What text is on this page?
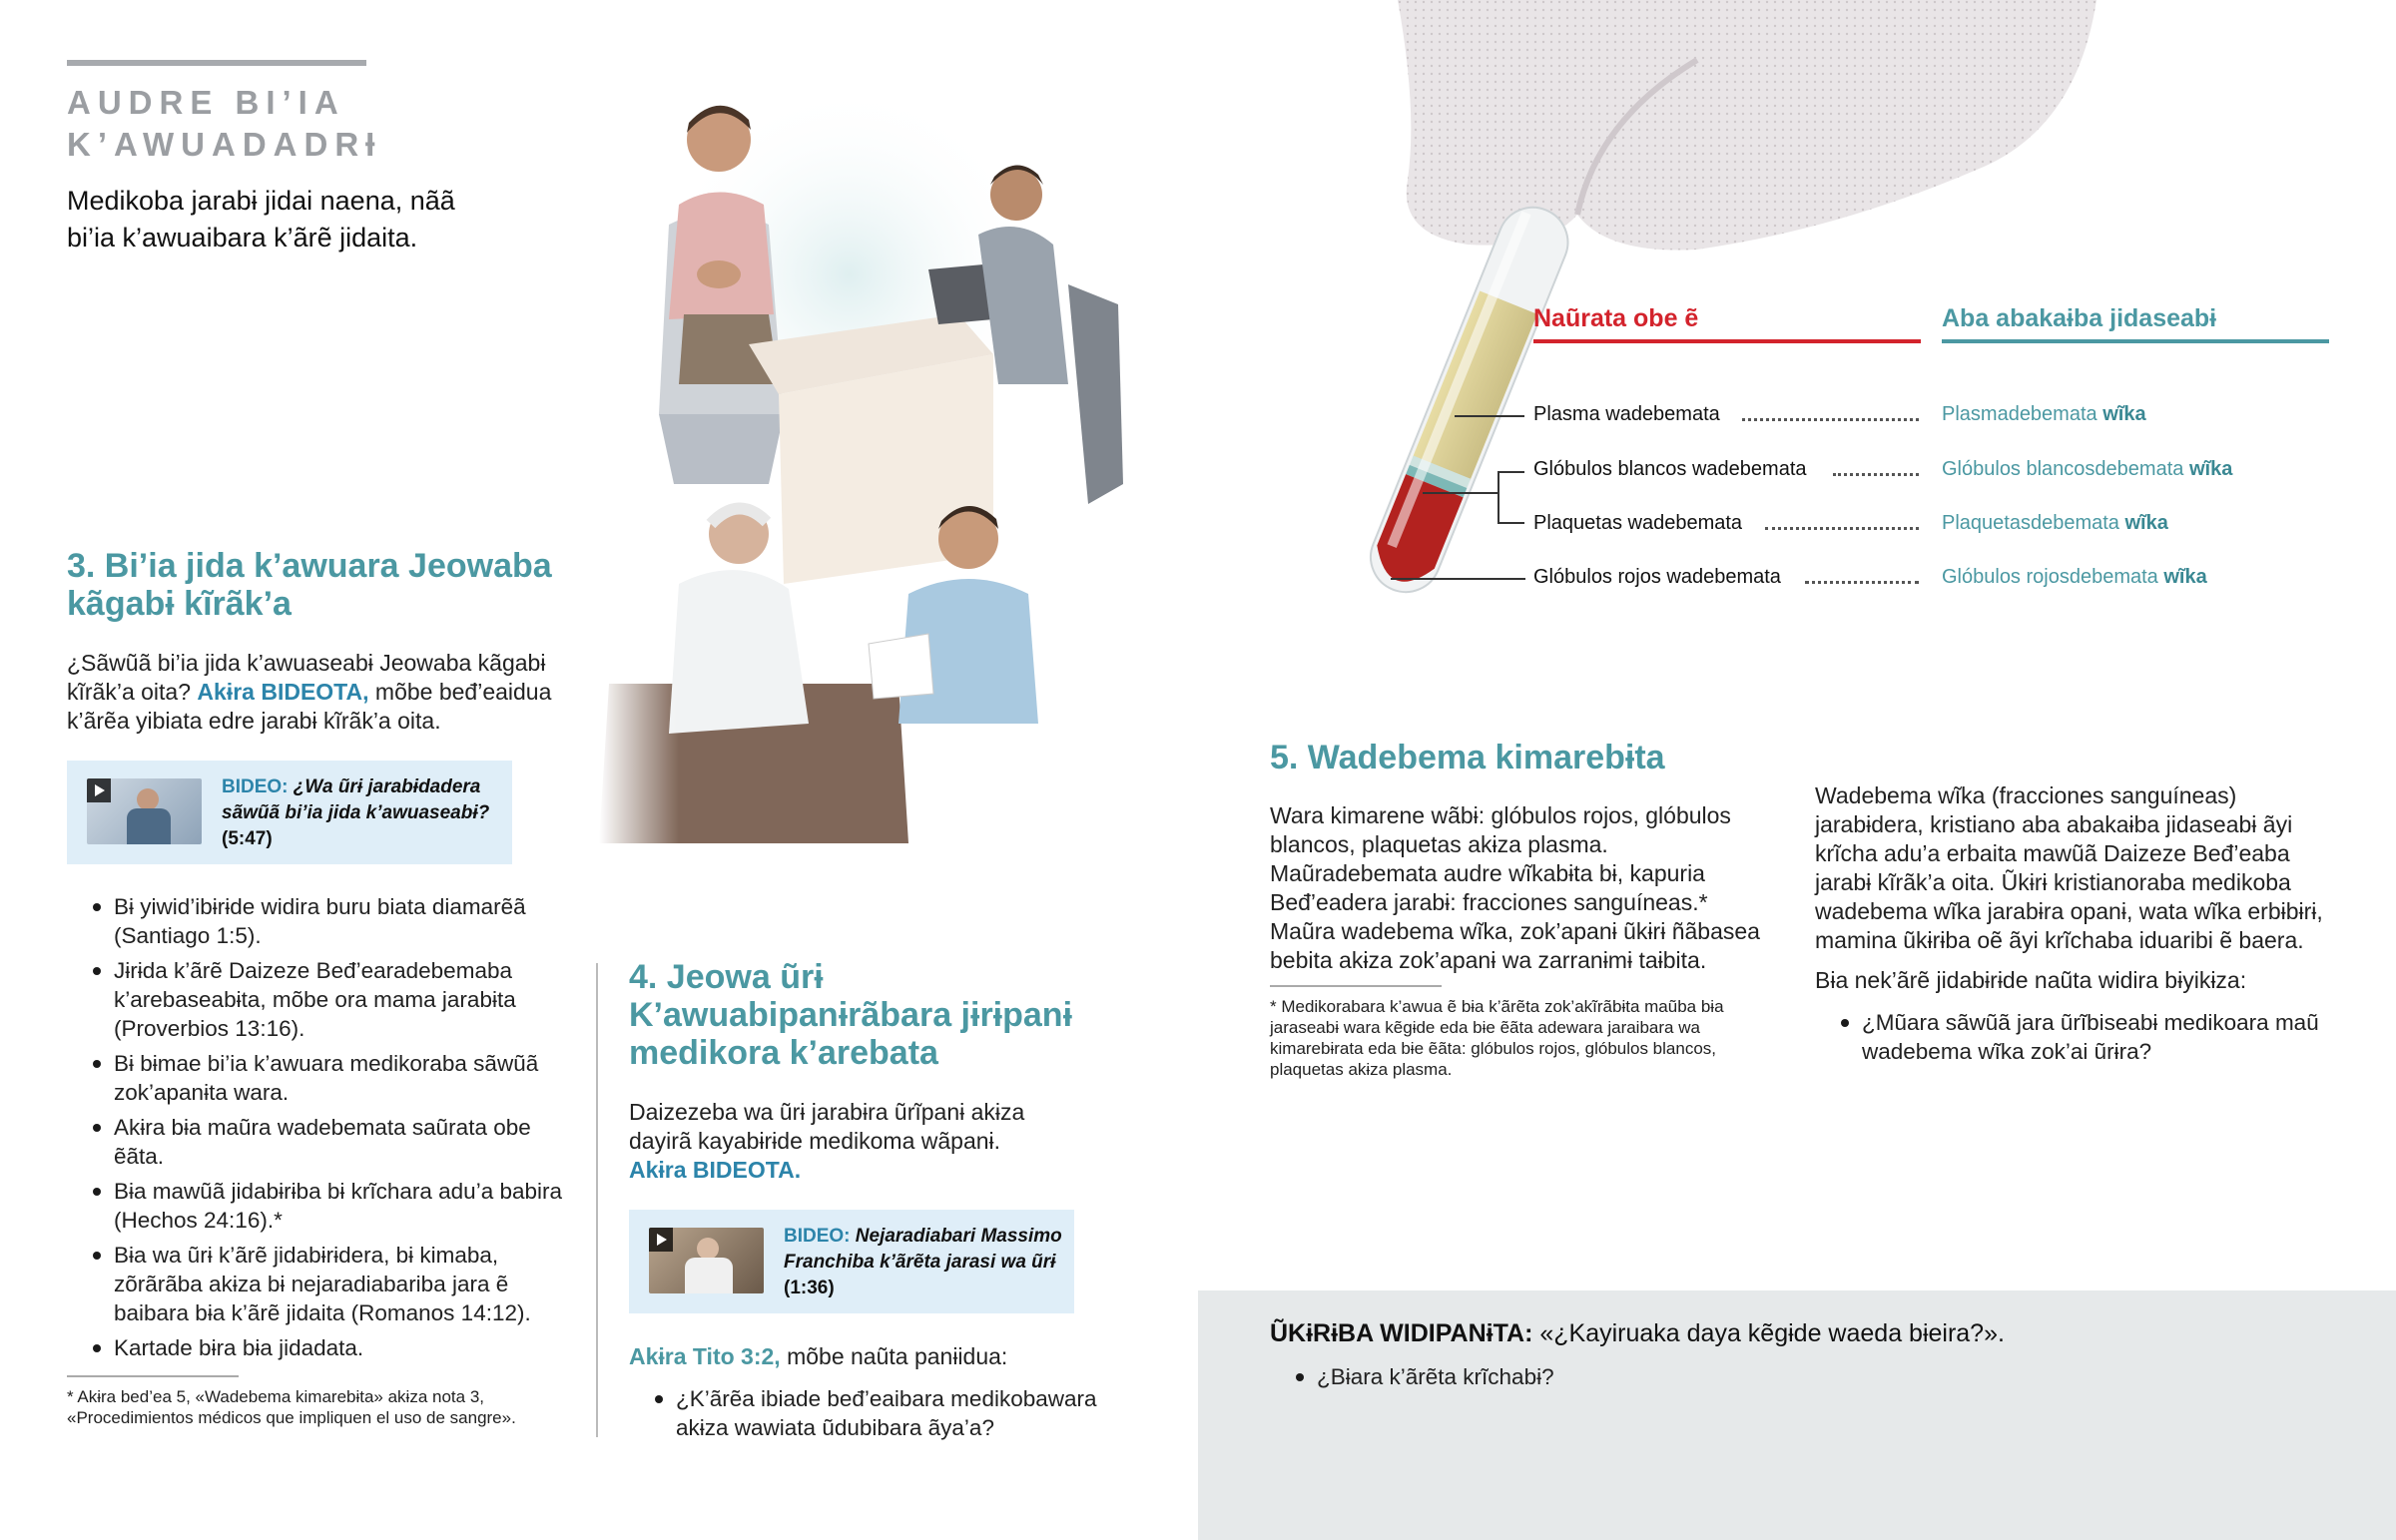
AUDRE BI’IA
K’AWUADADRƗ

Medikoba jarabɨ jidai naena, nãã bi’ia k’awuaibara k’ãrẽ jidaita.

Naũrata obe ẽ	Aba abakaɨba jidaseabɨ
Plasma wadebemata	Plasmadebemata wĩka
Glóbulos blancos wadebemata	Glóbulos blancosdebemata wĩka
Plaquetas wadebemata	Plaquetasdebemata wĩka
Glóbulos rojos wadebemata	Glóbulos rojosdebemata wĩka
3. Bi’ia jida k’awuara Jeowaba kãgabɨ kĩrãk’a

¿Sãwũã bi’ia jida k’awuaseabɨ Jeowaba kãgabɨ kĩrãk’a oita? Akɨra BIDEOTA, mõbe beđ’eaidua k’ãrẽa yibiata edre jarabɨ kĩrãk’a oita.

BIDEO: ¿Wa ũrɨ jarabɨdadera sãwũã bi’ia jida k’awuaseabɨ?
(5:47)
Bɨ yiwid’ibɨrɨde widira buru biata diamarẽã (Santiago 1:5).
Jɨrɨda k’ãrẽ Daizeze Beđ’earadebemaba k’arebaseabɨta, mõbe ora mama jarabɨta (Proverbios 13:16).
Bɨ bɨmae bi’ia k’awuara medikoraba sãwũã zok’apanɨta wara.
Akɨra bɨa maũra wadebemata saũrata obe ẽãta.
Bɨa mawũã jidabɨrɨba bɨ krĩchara adu’a babira (Hechos 24:16).*
Bɨa wa ũrɨ k’ãrẽ jidabɨrɨdera, bɨ kimaba, zõrãrãba akɨza bɨ nejaradiabariba jara ẽ baibara bɨa k’ãrẽ jidaita (Romanos 14:12).
Kartade bɨra bɨa jidadata.

* Akɨra bed’ea 5, «Wadebema kimarebɨta» akɨza nota 3, «Procedimientos médicos que impliquen el uso de sangre».

4. Jeowa ũrɨ K’awuabipanɨrãbara jɨrɨpanɨ medikora k’arebata

Daizezeba wa ũrɨ jarabɨra ũrĩpanɨ akɨza dayirã kayabɨrɨde medikoma wãpanɨ.
Akɨra BIDEOTA.

BIDEO: Nejaradiabari Massimo Franchiba k’ãrẽta jarasi wa ũrɨ
(1:36)

Akɨra Tito 3:2, mõbe naũta panɨidua:

¿K’ãrẽa ibiade beđ’eaibara medikobawara akɨza wawiata ũdubibara ãya’a?
5. Wadebema kimarebɨta

Wara kimarene wãbɨ: glóbulos rojos, glóbulos blancos, plaquetas akɨza plasma. Maũradebemata audre wĩkabɨta bɨ, kapuria Beđ’eadera jarabɨ: fracciones sanguíneas.* Maũra wadebema wĩka, zok’apanɨ ũkɨrɨ ñãbasea bebita akɨza zok’apanɨ wa zarranɨmɨ taɨbita.

* Medikorabara k’awua ẽ bɨa k’ãrẽta zok’akĩrãbɨta maũba bɨa jaraseabɨ wara kẽgɨde eda bɨe ẽãta adewara jaraibara wa kimarebɨrata eda bɨe ẽãta: glóbulos rojos, glóbulos blancos, plaquetas akɨza plasma.

Wadebema wĩka (fracciones sanguíneas) jarabɨdera, kristiano aba abakaɨba jidaseabɨ ãyi krĩcha adu’a erbaita mawũã Daizeze Beđ’eaba jarabɨ kĩrãk’a oita. Ũkɨrɨ kristianoraba medikoba wadebema wĩka jarabɨra opanɨ, wata wĩka erbɨbɨrɨ, mamina ũkɨrɨba oẽ ãyi krĩchaba iduaribi ẽ baera.

Bɨa nek’ãrẽ jidabɨrɨde naũta widira bɨyikɨza:

¿Mũara sãwũã jara ũrĩbiseabɨ medikoara maũ wadebema wĩka zok’ai ũrɨra?
ŨKɨRɨBA WIDIPANɨTA: «¿Kayiruaka daya kẽgɨde waeda bɨeira?».
¿Bɨara k’ãrẽta krĩchabɨ?
